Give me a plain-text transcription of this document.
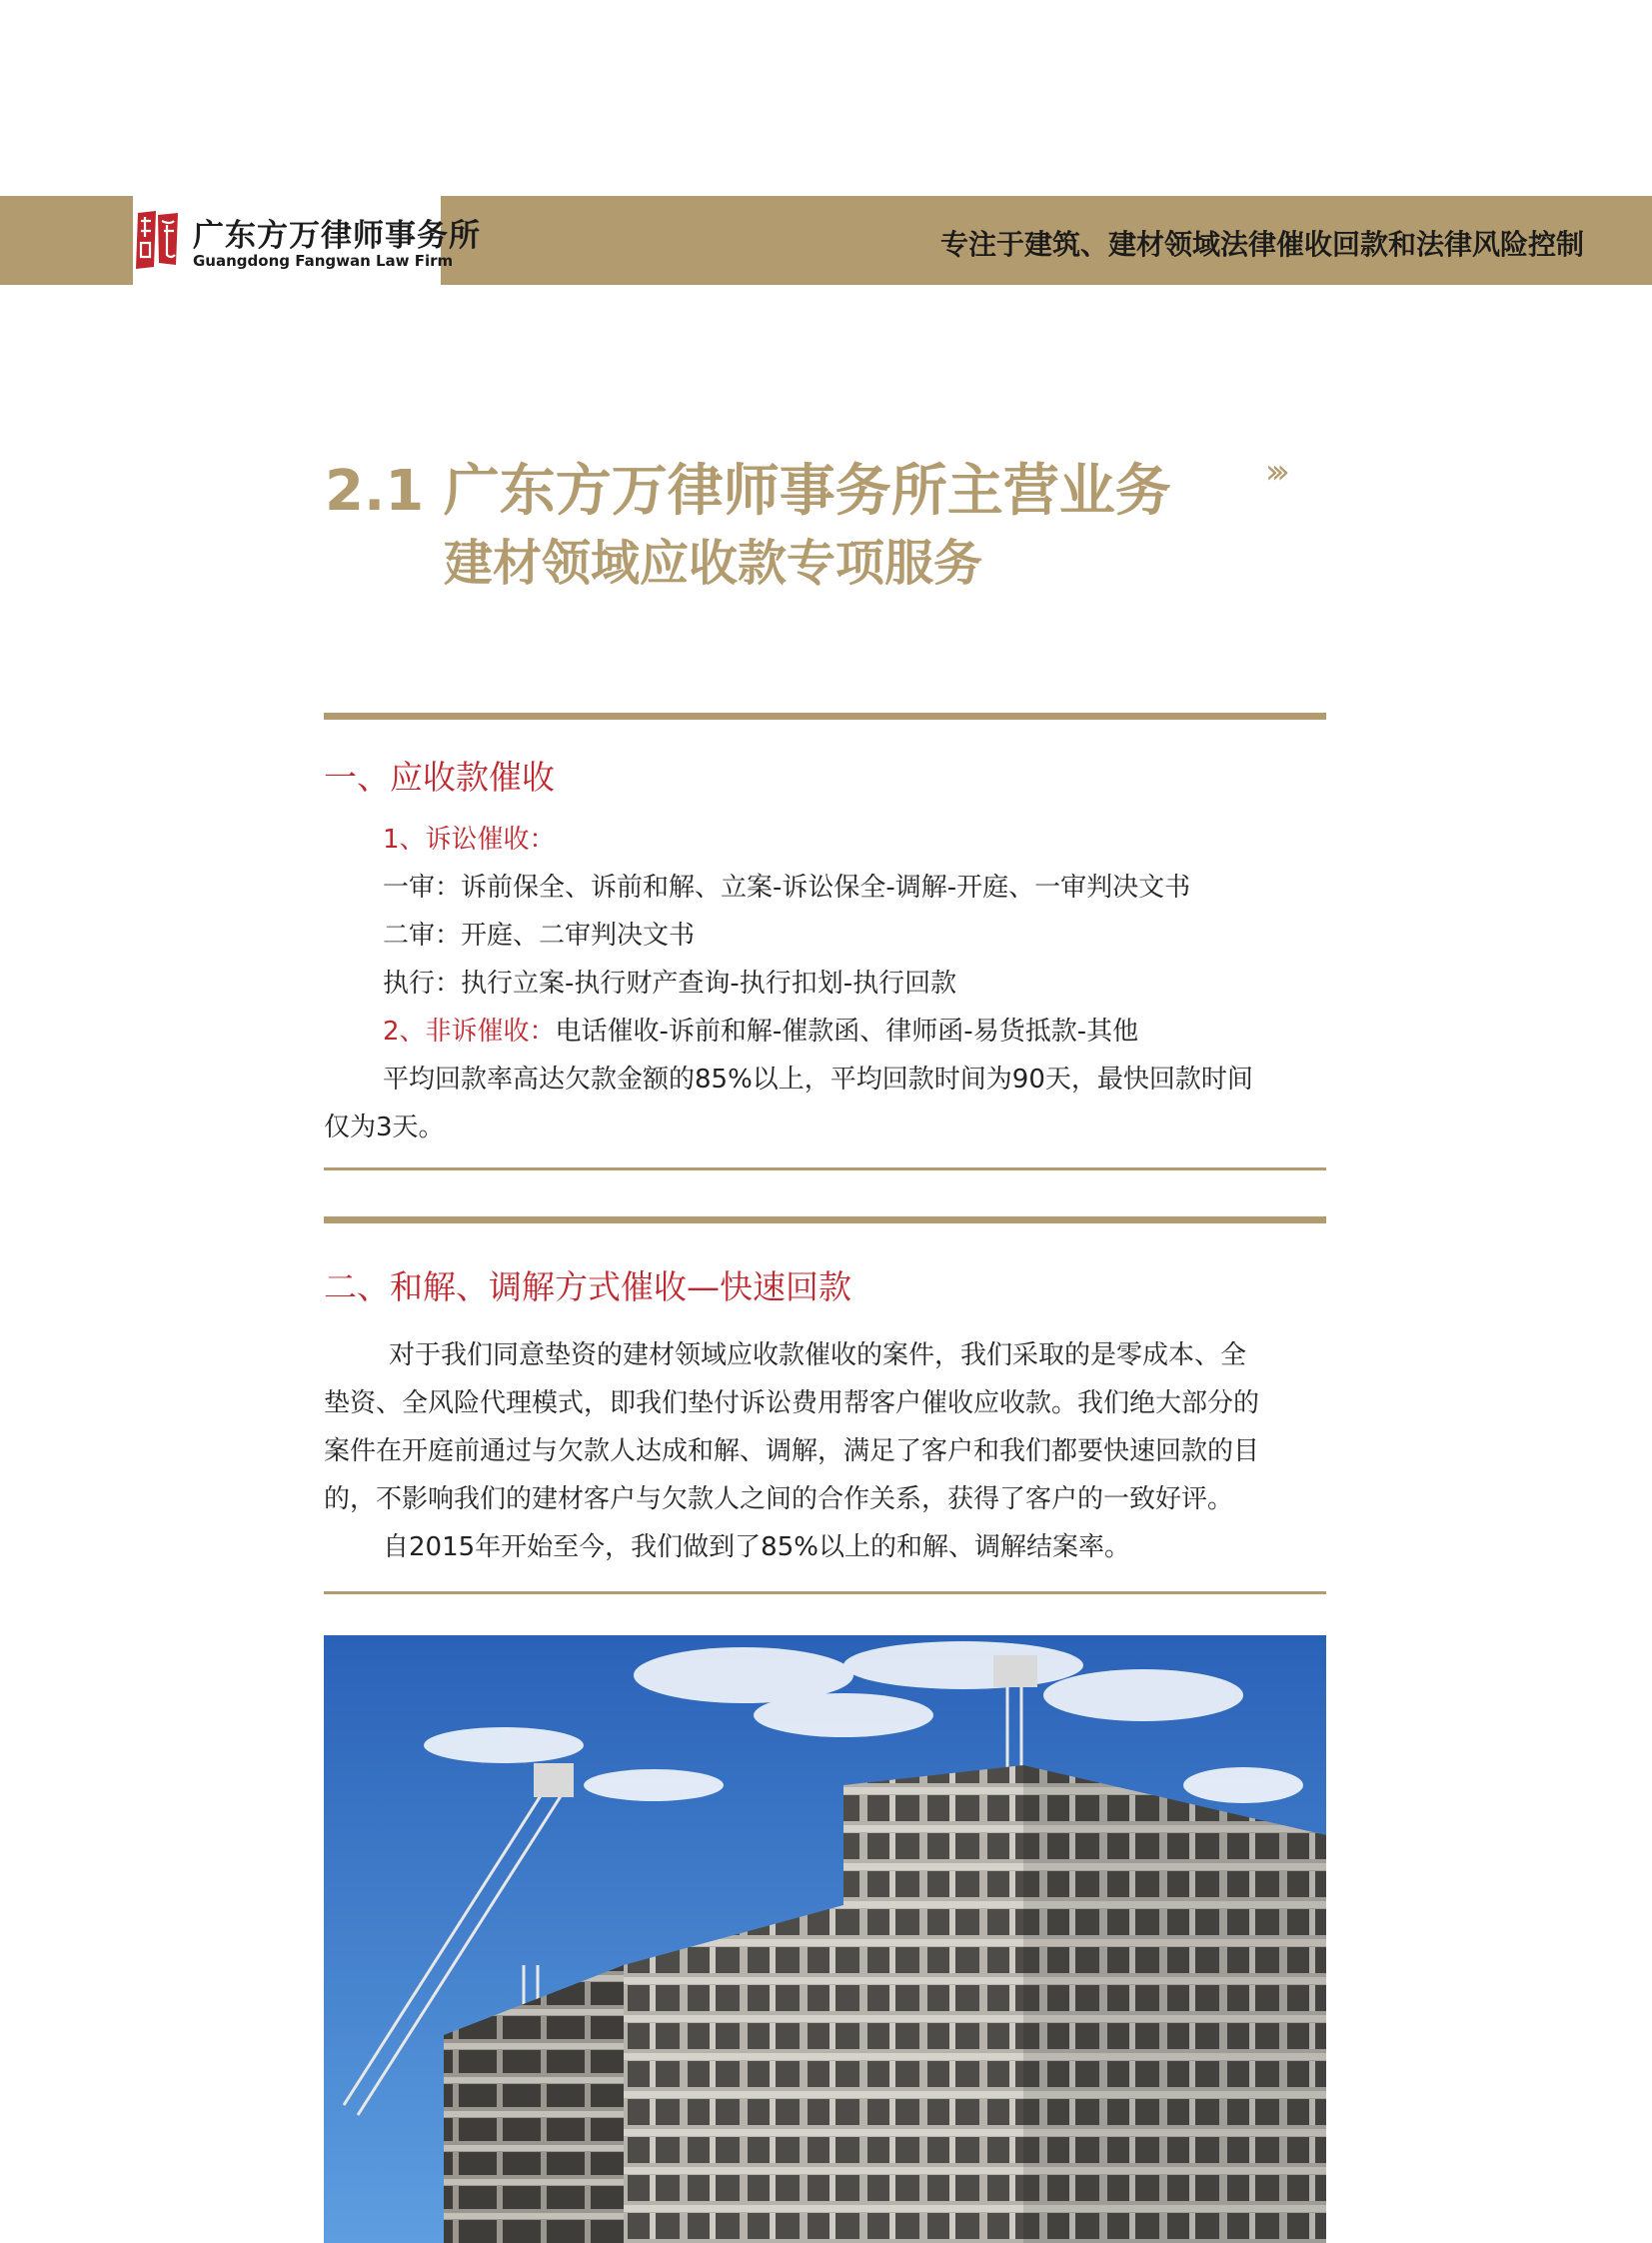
广东方万律师事务所
Guangdong Fangwan Law Firm	专注于建筑、建材领域法律催收回款和法律风险控制
2.1 广东方万律师事务所主营业务	›››
建材领域应收款专项服务
一、应收款催收
1、诉讼催收：
一审：诉前保全、诉前和解、立案-诉讼保全-调解-开庭、一审判决文书
二审：开庭、二审判决文书
执行：执行立案-执行财产查询-执行扣划-执行回款
2、非诉催收：电话催收-诉前和解-催款函、律师函-易货抵款-其他
平均回款率高达欠款金额的85%以上，平均回款时间为90天，最快回款时间
仅为3天。
二、和解、调解方式催收—快速回款
对于我们同意垫资的建材领域应收款催收的案件，我们采取的是零成本、全
垫资、全风险代理模式，即我们垫付诉讼费用帮客户催收应收款。我们绝大部分的
案件在开庭前通过与欠款人达成和解、调解，满足了客户和我们都要快速回款的目
的，不影响我们的建材客户与欠款人之间的合作关系，获得了客户的一致好评。
自2015年开始至今，我们做到了85%以上的和解、调解结案率。
